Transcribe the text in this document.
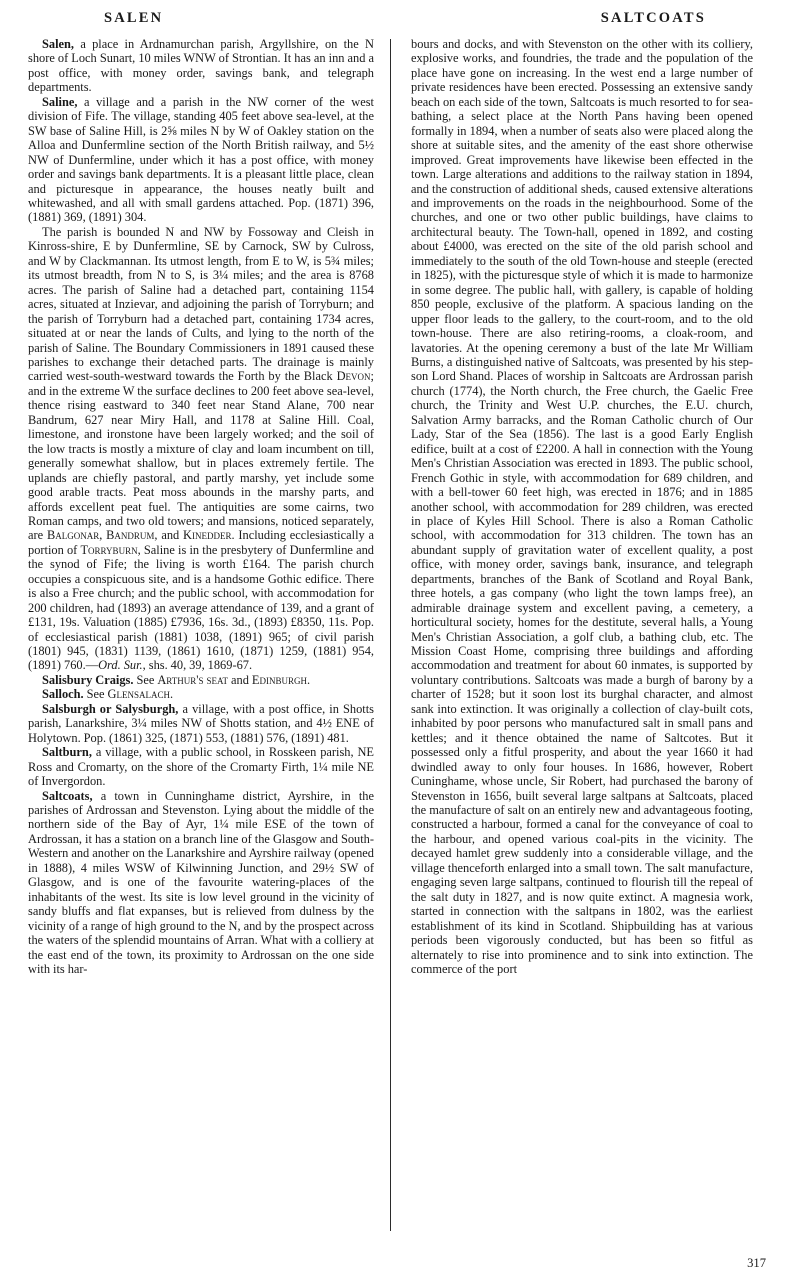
SALEN	SALTCOATS

Salen, a place in Ardnamurchan parish, Argyllshire, on the N shore of Loch Sunart, 10 miles WNW of Strontian. It has an inn and a post office, with money order, savings bank, and telegraph departments.

Saline, a village and a parish in the NW corner of the west division of Fife. The village, standing 405 feet above sea-level, at the SW base of Saline Hill, is 2⅝ miles N by W of Oakley station on the Alloa and Dunfermline section of the North British railway, and 5½ NW of Dunfermline, under which it has a post office, with money order and savings bank departments. It is a pleasant little place, clean and picturesque in appearance, the houses neatly built and whitewashed, and all with small gardens attached. Pop. (1871) 396, (1881) 369, (1891) 304.

The parish is bounded N and NW by Fossoway and Cleish in Kinross-shire, E by Dunfermline, SE by Carnock, SW by Culross, and W by Clackmannan. Its utmost length, from E to W, is 5¾ miles; its utmost breadth, from N to S, is 3¼ miles; and the area is 8768 acres. The parish of Saline had a detached part, containing 1154 acres, situated at Inzievar, and adjoining the parish of Torryburn; and the parish of Torryburn had a detached part, containing 1734 acres, situated at or near the lands of Cults, and lying to the north of the parish of Saline. The Boundary Commissioners in 1891 caused these parishes to exchange their detached parts. The drainage is mainly carried west-south-westward towards the Forth by the Black Devon; and in the extreme W the surface declines to 200 feet above sea-level, thence rising eastward to 340 feet near Stand Alane, 700 near Bandrum, 627 near Miry Hall, and 1178 at Saline Hill. Coal, limestone, and ironstone have been largely worked; and the soil of the low tracts is mostly a mixture of clay and loam incumbent on till, generally somewhat shallow, but in places extremely fertile. The uplands are chiefly pastoral, and partly marshy, yet include some good arable tracts. Peat moss abounds in the marshy parts, and affords excellent peat fuel. The antiquities are some cairns, two Roman camps, and two old towers; and mansions, noticed separately, are Balgonar, Bandrum, and Kinedder. Including ecclesiastically a portion of Torryburn, Saline is in the presbytery of Dunfermline and the synod of Fife; the living is worth £164. The parish church occupies a conspicuous site, and is a handsome Gothic edifice. There is also a Free church; and the public school, with accommodation for 200 children, had (1893) an average attendance of 139, and a grant of £131, 19s. Valuation (1885) £7936, 16s. 3d., (1893) £8350, 11s. Pop. of ecclesiastical parish (1881) 1038, (1891) 965; of civil parish (1801) 945, (1831) 1139, (1861) 1610, (1871) 1259, (1881) 954, (1891) 760.—Ord. Sur., shs. 40, 39, 1869-67.

Salisbury Craigs. See Arthur's seat and Edinburgh.

Salloch. See Glensalach.

Salsburgh or Salysburgh, a village, with a post office, in Shotts parish, Lanarkshire, 3¼ miles NW of Shotts station, and 4½ ENE of Holytown. Pop. (1861) 325, (1871) 553, (1881) 576, (1891) 481.

Saltburn, a village, with a public school, in Rosskeen parish, NE Ross and Cromarty, on the shore of the Cromarty Firth, 1¼ mile NE of Invergordon.

Saltcoats, a town in Cunninghame district, Ayrshire, in the parishes of Ardrossan and Stevenston. Lying about the middle of the northern side of the Bay of Ayr, 1¼ mile ESE of the town of Ardrossan, it has a station on a branch line of the Glasgow and South-Western and another on the Lanarkshire and Ayrshire railway (opened in 1888), 4 miles WSW of Kilwinning Junction, and 29½ SW of Glasgow, and is one of the favourite watering-places of the inhabitants of the west. Its site is low level ground in the vicinity of sandy bluffs and flat expanses, but is relieved from dulness by the vicinity of a range of high ground to the N, and by the prospect across the waters of the splendid mountains of Arran. What with a colliery at the east end of the town, its proximity to Ardrossan on the one side with its har-

bours and docks, and with Stevenston on the other with its colliery, explosive works, and foundries, the trade and the population of the place have gone on increasing. In the west end a large number of private residences have been erected. Possessing an extensive sandy beach on each side of the town, Saltcoats is much resorted to for sea-bathing, a select place at the North Pans having been opened formally in 1894, when a number of seats also were placed along the shore at suitable sites, and the amenity of the east shore otherwise improved. Great improvements have likewise been effected in the town. Large alterations and additions to the railway station in 1894, and the construction of additional sheds, caused extensive alterations and improvements on the roads in the neighbourhood. Some of the churches, and one or two other public buildings, have claims to architectural beauty. The Town-hall, opened in 1892, and costing about £4000, was erected on the site of the old parish school and immediately to the south of the old Town-house and steeple (erected in 1825), with the picturesque style of which it is made to harmonize in some degree. The public hall, with gallery, is capable of holding 850 people, exclusive of the platform. A spacious landing on the upper floor leads to the gallery, to the court-room, and to the old town-house. There are also retiring-rooms, a cloak-room, and lavatories. At the opening ceremony a bust of the late Mr William Burns, a distinguished native of Saltcoats, was presented by his step-son Lord Shand. Places of worship in Saltcoats are Ardrossan parish church (1774), the North church, the Free church, the Gaelic Free church, the Trinity and West U.P. churches, the E.U. church, Salvation Army barracks, and the Roman Catholic church of Our Lady, Star of the Sea (1856). The last is a good Early English edifice, built at a cost of £2200. A hall in connection with the Young Men's Christian Association was erected in 1893. The public school, French Gothic in style, with accommodation for 689 children, and with a bell-tower 60 feet high, was erected in 1876; and in 1885 another school, with accommodation for 289 children, was erected in place of Kyles Hill School. There is also a Roman Catholic school, with accommodation for 313 children. The town has an abundant supply of gravitation water of excellent quality, a post office, with money order, savings bank, insurance, and telegraph departments, branches of the Bank of Scotland and Royal Bank, three hotels, a gas company (who light the town lamps free), an admirable drainage system and excellent paving, a cemetery, a horticultural society, homes for the destitute, several halls, a Young Men's Christian Association, a golf club, a bathing club, etc. The Mission Coast Home, comprising three buildings and affording accommodation and treatment for about 60 inmates, is supported by voluntary contributions. Saltcoats was made a burgh of barony by a charter of 1528; but it soon lost its burghal character, and almost sank into extinction. It was originally a collection of clay-built cots, inhabited by poor persons who manufactured salt in small pans and kettles; and it thence obtained the name of Saltcotes. But it possessed only a fitful prosperity, and about the year 1660 it had dwindled away to only four houses. In 1686, however, Robert Cuninghame, whose uncle, Sir Robert, had purchased the barony of Stevenston in 1656, built several large saltpans at Saltcoats, placed the manufacture of salt on an entirely new and advantageous footing, constructed a harbour, formed a canal for the conveyance of coal to the harbour, and opened various coal-pits in the vicinity. The decayed hamlet grew suddenly into a considerable village, and the village thenceforth enlarged into a small town. The salt manufacture, engaging seven large saltpans, continued to flourish till the repeal of the salt duty in 1827, and is now quite extinct. A magnesia work, started in connection with the saltpans in 1802, was the earliest establishment of its kind in Scotland. Shipbuilding has at various periods been vigorously conducted, but has been so fitful as alternately to rise into prominence and to sink into extinction. The commerce of the port

317
